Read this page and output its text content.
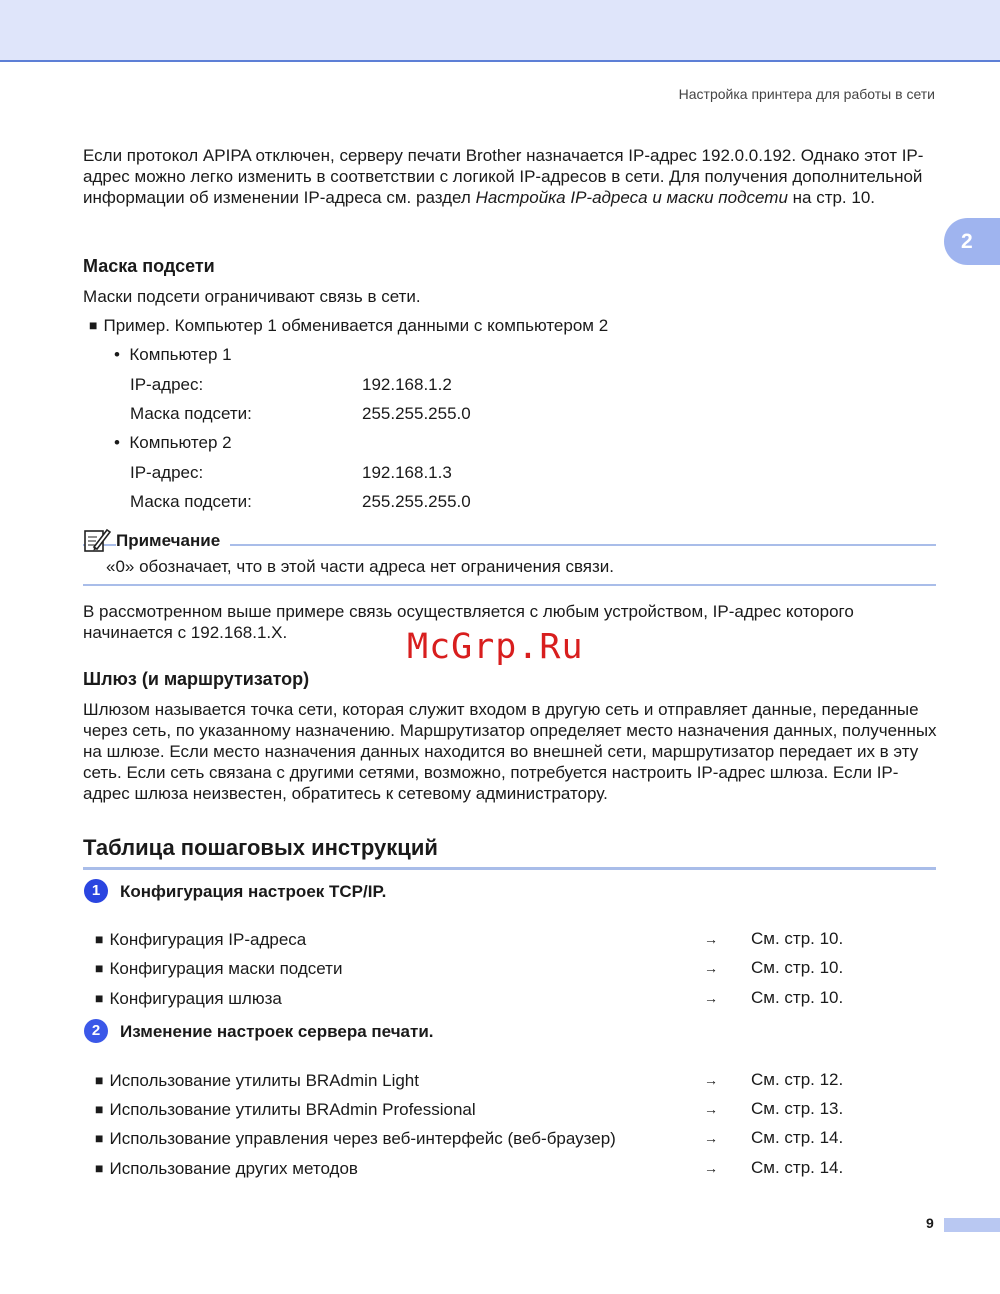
Настройка принтера для работы в сети
2
Если протокол APIPA отключен, серверу печати Brother назначается IP-адрес 192.0.0.192. Однако этот IP-адрес можно легко изменить в соответствии с логикой IP-адресов в сети. Для получения дополнительной информации об изменении IP-адреса см. раздел Настройка IP-адреса и маски подсети на стр. 10.
Маска подсети
Маски подсети ограничивают связь в сети.
■ Пример. Компьютер 1 обменивается данными с компьютером 2
•  Компьютер 1
IP-адрес:	192.168.1.2
Маска подсети:	255.255.255.0
•  Компьютер 2
IP-адрес:	192.168.1.3
Маска подсети:	255.255.255.0
Примечание
«0» обозначает, что в этой части адреса нет ограничения связи.
В рассмотренном выше примере связь осуществляется с любым устройством, IP-адрес которого начинается с 192.168.1.X.	McGrp.Ru
Шлюз (и маршрутизатор)
Шлюзом называется точка сети, которая служит входом в другую сеть и отправляет данные, переданные через сеть, по указанному назначению. Маршрутизатор определяет место назначения данных, полученных на шлюзе. Если место назначения данных находится во внешней сети, маршрутизатор передает их в эту сеть. Если сеть связана с другими сетями, возможно, потребуется настроить IP-адрес шлюза. Если IP-адрес шлюза неизвестен, обратитесь к сетевому администратору.
Таблица пошаговых инструкций
1	Конфигурация настроек TCP/IP.
■ Конфигурация IP-адреса	→ См. стр. 10.
■ Конфигурация маски подсети	→ См. стр. 10.
■ Конфигурация шлюза	→ См. стр. 10.
2	Изменение настроек сервера печати.
■ Использование утилиты BRAdmin Light	→ См. стр. 12.
■ Использование утилиты BRAdmin Professional	→ См. стр. 13.
■ Использование управления через веб-интерфейс (веб-браузер)	→ См. стр. 14.
■ Использование других методов	→ См. стр. 14.
9
